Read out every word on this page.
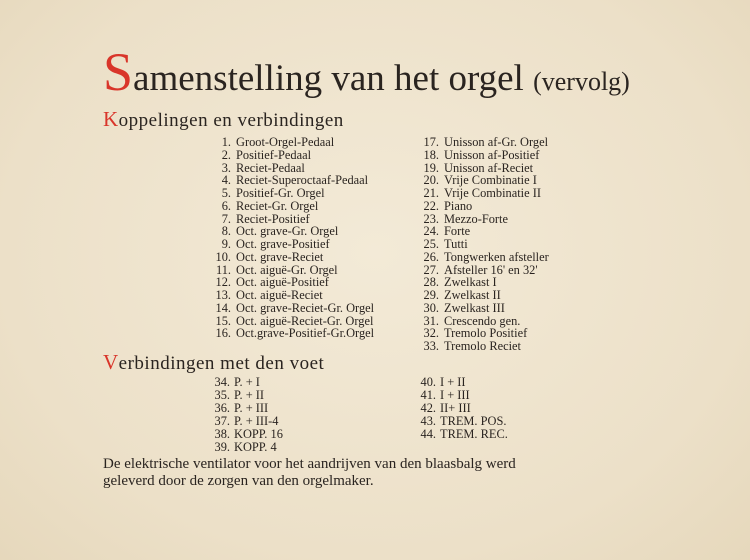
Samenstelling van het orgel (vervolg)
Koppelingen en verbindingen
1. Groot-Orgel-Pedaal
2. Positief-Pedaal
3. Reciet-Pedaal
4. Reciet-Superoctaaf-Pedaal
5. Positief-Gr. Orgel
6. Reciet-Gr. Orgel
7. Reciet-Positief
8. Oct. grave-Gr. Orgel
9. Oct. grave-Positief
10. Oct. grave-Reciet
11. Oct. aiguë-Gr. Orgel
12. Oct. aiguë-Positief
13. Oct. aiguë-Reciet
14. Oct. grave-Reciet-Gr. Orgel
15. Oct. aiguë-Reciet-Gr. Orgel
16. Oct.grave-Positief-Gr.Orgel
17. Unisson af-Gr. Orgel
18. Unisson af-Positief
19. Unisson af-Reciet
20. Vrije Combinatie I
21. Vrije Combinatie II
22. Piano
23. Mezzo-Forte
24. Forte
25. Tutti
26. Tongwerken afsteller
27. Afsteller 16' en 32'
28. Zwelkast I
29. Zwelkast II
30. Zwelkast III
31. Crescendo gen.
32. Tremolo Positief
33. Tremolo Reciet
Verbindingen met den voet
34. P. + I
35. P. + II
36. P. + III
37. P. + III-4
38. KOPP. 16
39. KOPP. 4
40. I + II
41. I + III
42. II+ III
43. TREM. POS.
44. TREM. REC.
De elektrische ventilator voor het aandrijven van den blaasbalg werd
geleverd door de zorgen van den orgelmaker.
